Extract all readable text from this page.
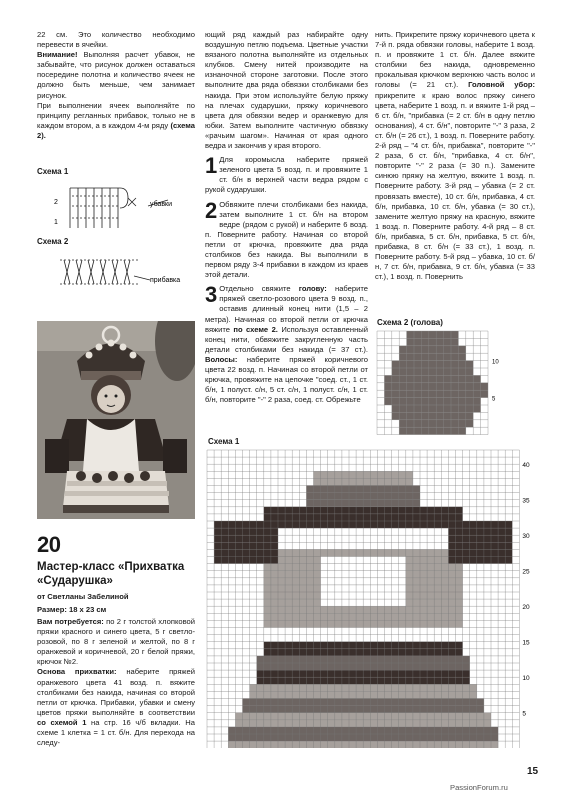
22 см. Это количество необходимо перевести в ячейки.

Внимание! Выполняя расчет убавок, не забывайте, что рисунок должен оставаться посередине полотна и количество ячеек не должно быть меньше, чем занимает рисунок.

При выполнении ячеек выполняйте по принципу регланных прибавок, только не в каждом втором, а в каждом 4-м ряду (схема 2).

Схема 1
2
1
убавки
Схема 2
прибавка
20
Мастер-класс «Прихватка «Сударушка»
от Светланы Забелиной
Размер: 18 х 23 см

Вам потребуется: по 2 г толстой хлопковой пряжи красного и синего цвета, 5 г светло-розовой, по 8 г зеленой и желтой, по 8 г оранжевой и коричневой, 20 г белой пряжи, крючок №2.

Основа прихватки: наберите пряжей оранжевого цвета 41 возд. п. вяжите столбиками без накида, начиная со второй петли от крючка. Прибавки, убавки и смену цветов пряжи выполняйте в соответствии со схемой 1 на стр. 16 ч/б вкладки. На схеме 1 клетка = 1 ст. б/н. Для перехода на следу-

ющий ряд каждый раз набирайте одну воздушную петлю подъема. Цветные участки вязаного полотна выполняйте из отдельных клубков. Смену нитей производите на изнаночной стороне заготовки. После этого выполните два ряда обвязки столбиками без накида. При этом используйте белую пряжу на плечах сударушки, пряжу коричневого цвета для обвязки ведер и оранжевую для юбки. Затем выполните частичную обвязку «рачьим шагом». Начиная от края одного ведра и закончив у края второго.

1 Для коромысла наберите пряжей зеленого цвета 5 возд. п. и провяжите 1 ст. б/н в верхней части ведра рядом с рукой сударушки.

2 Обвяжите плечи столбиками без накида, затем выполните 1 ст. б/н на втором ведре (рядом с рукой) и наберите 6 возд. п. Поверните работу. Начиная со второй петли от крючка, провяжите два ряда столбиков без накида. Вы выполнили в первом ряду 3-4 прибавки в каждом из краев этой детали.

3 Отдельно свяжите голову: наберите пряжей светло-розового цвета 9 возд. п., оставив длинный конец нити (1,5 – 2 метра). Начиная со второй петли от крючка вяжите по схеме 2. Используя оставленный конец нити, обвяжите закругленную часть детали столбиками без накида (= 37 ст.). Волосы: наберите пряжей коричневого цвета 22 возд. п. Начиная со второй петли от крючка, провяжите на цепочке "соед. ст., 1 ст. б/н, 1 полуст. с/н, 5 ст. с/н, 1 полуст. с/н, 1 ст. б/н, повторите "-" 2 раза, соед. ст. Обрежьте

нить. Прикрепите пряжу коричневого цвета к 7-й п. ряда обвязки головы, наберите 1 возд. п. и провяжите 1 ст. б/н. Далее вяжите столбики без накида, одновременно прокалывая крючком верхнюю часть волос и головы (= 21 ст.). Головной убор: прикрепите к краю волос пряжу синего цвета, наберите 1 возд. п. и вяжите 1-й ряд – 6 ст. б/н, "прибавка (= 2 ст. б/н в одну петлю основания), 4 ст. б/н", повторите "-" 3 раза, 2 ст. б/н (= 26 ст.), 1 возд. п. Поверните работу. 2-й ряд – "4 ст. б/н, прибавка", повторите "-" 2 раза, 6 ст. б/н, "прибавка, 4 ст. б/н", повторите "-" 2 раза (= 30 п.). Замените синюю пряжу на желтую, вяжите 1 возд. п. Поверните работу. 3-й ряд – убавка (= 2 ст. провязать вместе), 10 ст. б/н, прибавка, 4 ст. б/н, прибавка, 10 ст. б/н, убавка (= 30 ст.), замените желтую пряжу на красную, вяжите 1 возд. п. Поверните работу. 4-й ряд – 8 ст. б/н, прибавка, 5 ст. б/н, прибавка, 5 ст. б/н, прибавка, 8 ст. б/н (= 33 ст.), 1 возд. п. Поверните работу. 5-й ряд – убавка, 10 ст. б/н, 7 ст. б/н, прибавка, 9 ст. б/н, убавка (= 33 ст.), 1 возд. п. Повернить

Схема 2 (голова)
10
5
Схема 1
40
35
30
25
20
15
10
5
15
PassionForum.ru
